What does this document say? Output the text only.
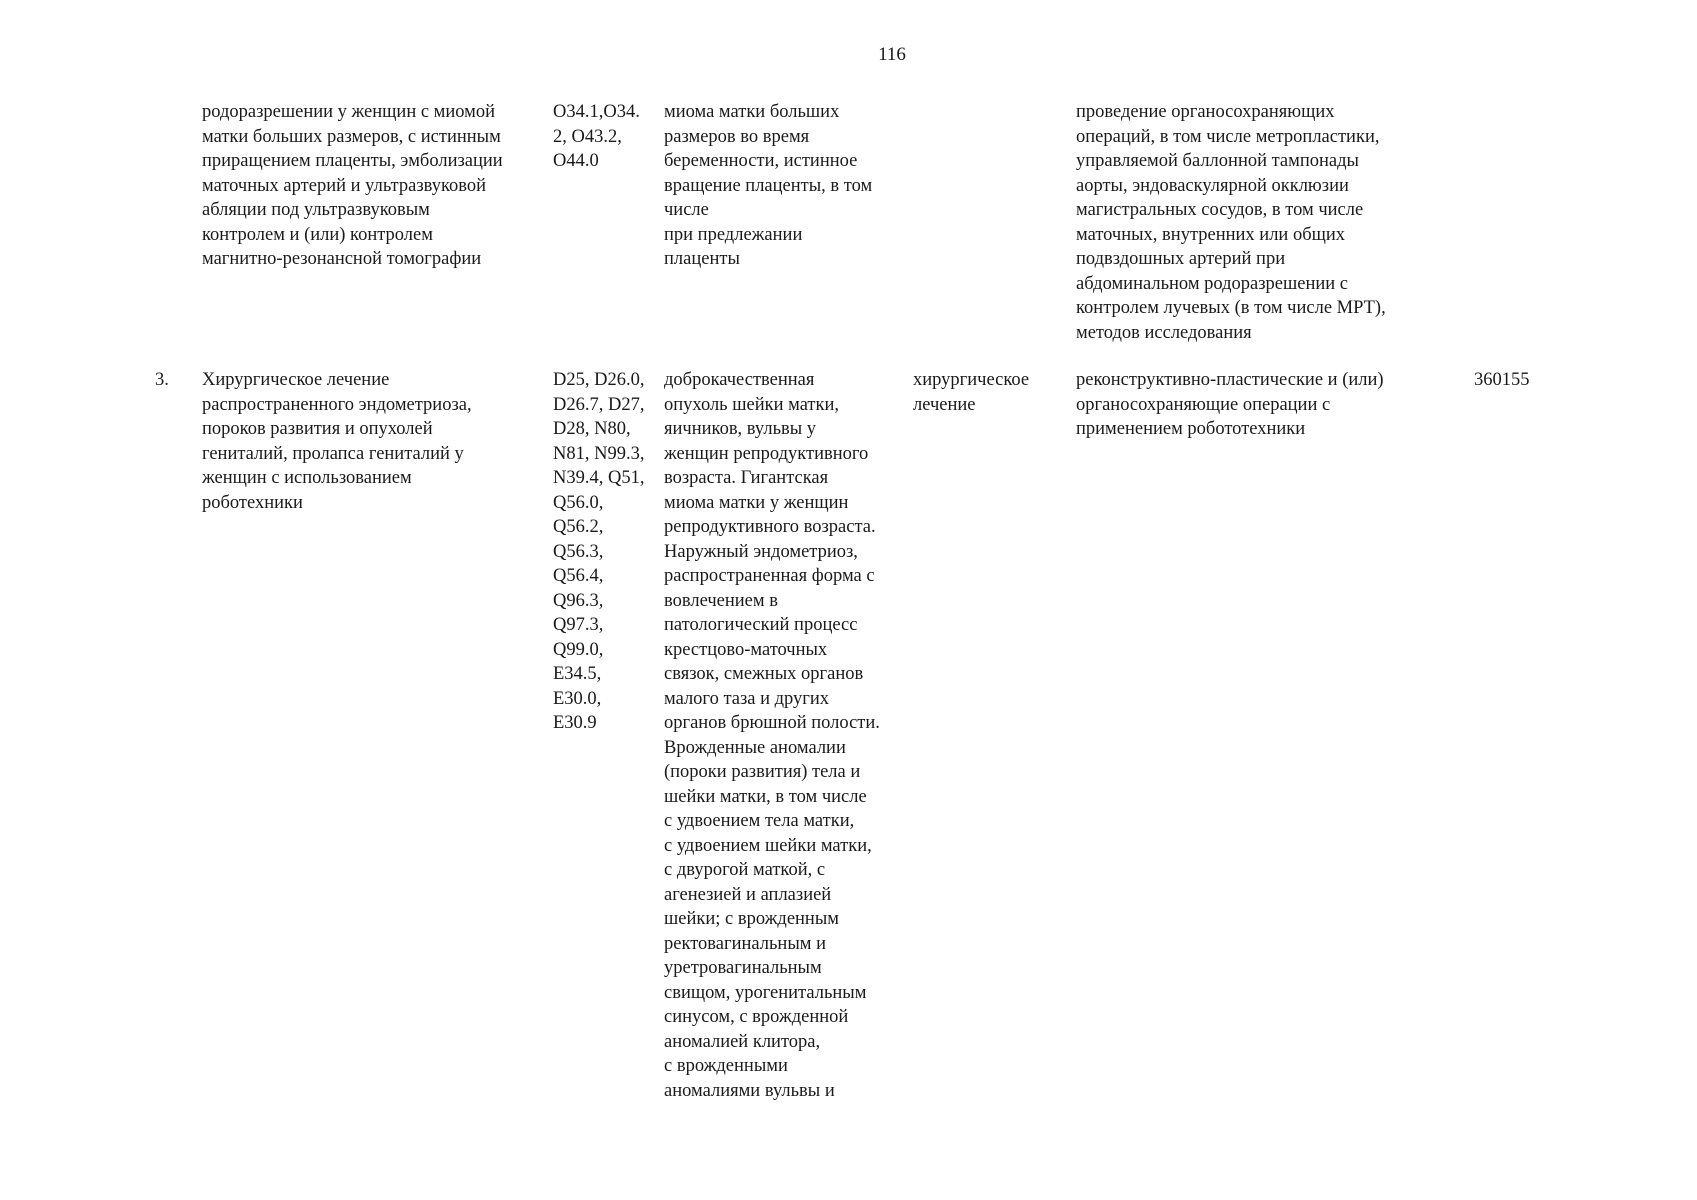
116
родоразрешении у женщин с миомой
матки больших размеров, с истинным
приращением плаценты, эмболизации
маточных артерий и ультразвуковой
абляции под ультразвуковым
контролем и (или) контролем
магнитно-резонансной томографии
O34.1,O34.
2, O43.2,
O44.0
миома матки больших
размеров во время
беременности, истинное
вращение плаценты, в том
числе
при предлежании
плаценты
проведение органосохраняющих
операций, в том числе метропластики,
управляемой баллонной тампонады
аорты, эндоваскулярной окклюзии
магистральных сосудов, в том числе
маточных, внутренних или общих
подвздошных артерий при
абдоминальном родоразрешении с
контролем лучевых (в том числе МРТ),
методов исследования
3.	Хирургическое лечение
распространенного эндометриоза,
пороков развития и опухолей
гениталий, пролапса гениталий у
женщин с использованием
роботехники
D25, D26.0,
D26.7, D27,
D28, N80,
N81, N99.3,
N39.4, Q51,
Q56.0,
Q56.2,
Q56.3,
Q56.4,
Q96.3,
Q97.3,
Q99.0,
E34.5,
E30.0,
E30.9
доброкачественная
опухоль шейки матки,
яичников, вульвы у
женщин репродуктивного
возраста. Гигантская
миома матки у женщин
репродуктивного возраста.
Наружный эндометриоз,
распространенная форма с
вовлечением в
патологический процесс
крестцово-маточных
связок, смежных органов
малого таза и других
органов брюшной полости.
Врожденные аномалии
(пороки развития) тела и
шейки матки, в том числе
с удвоением тела матки,
с удвоением шейки матки,
с двурогой маткой, с
агенезией и аплазией
шейки; с врожденным
ректовагинальным и
уретровагинальным
свищом, урогенитальным
синусом, с врожденной
аномалией клитора,
с врожденными
аномалиями вульвы и
хирургическое
лечение
реконструктивно-пластические и (или)
органосохраняющие операции с
применением робототехники
360155
